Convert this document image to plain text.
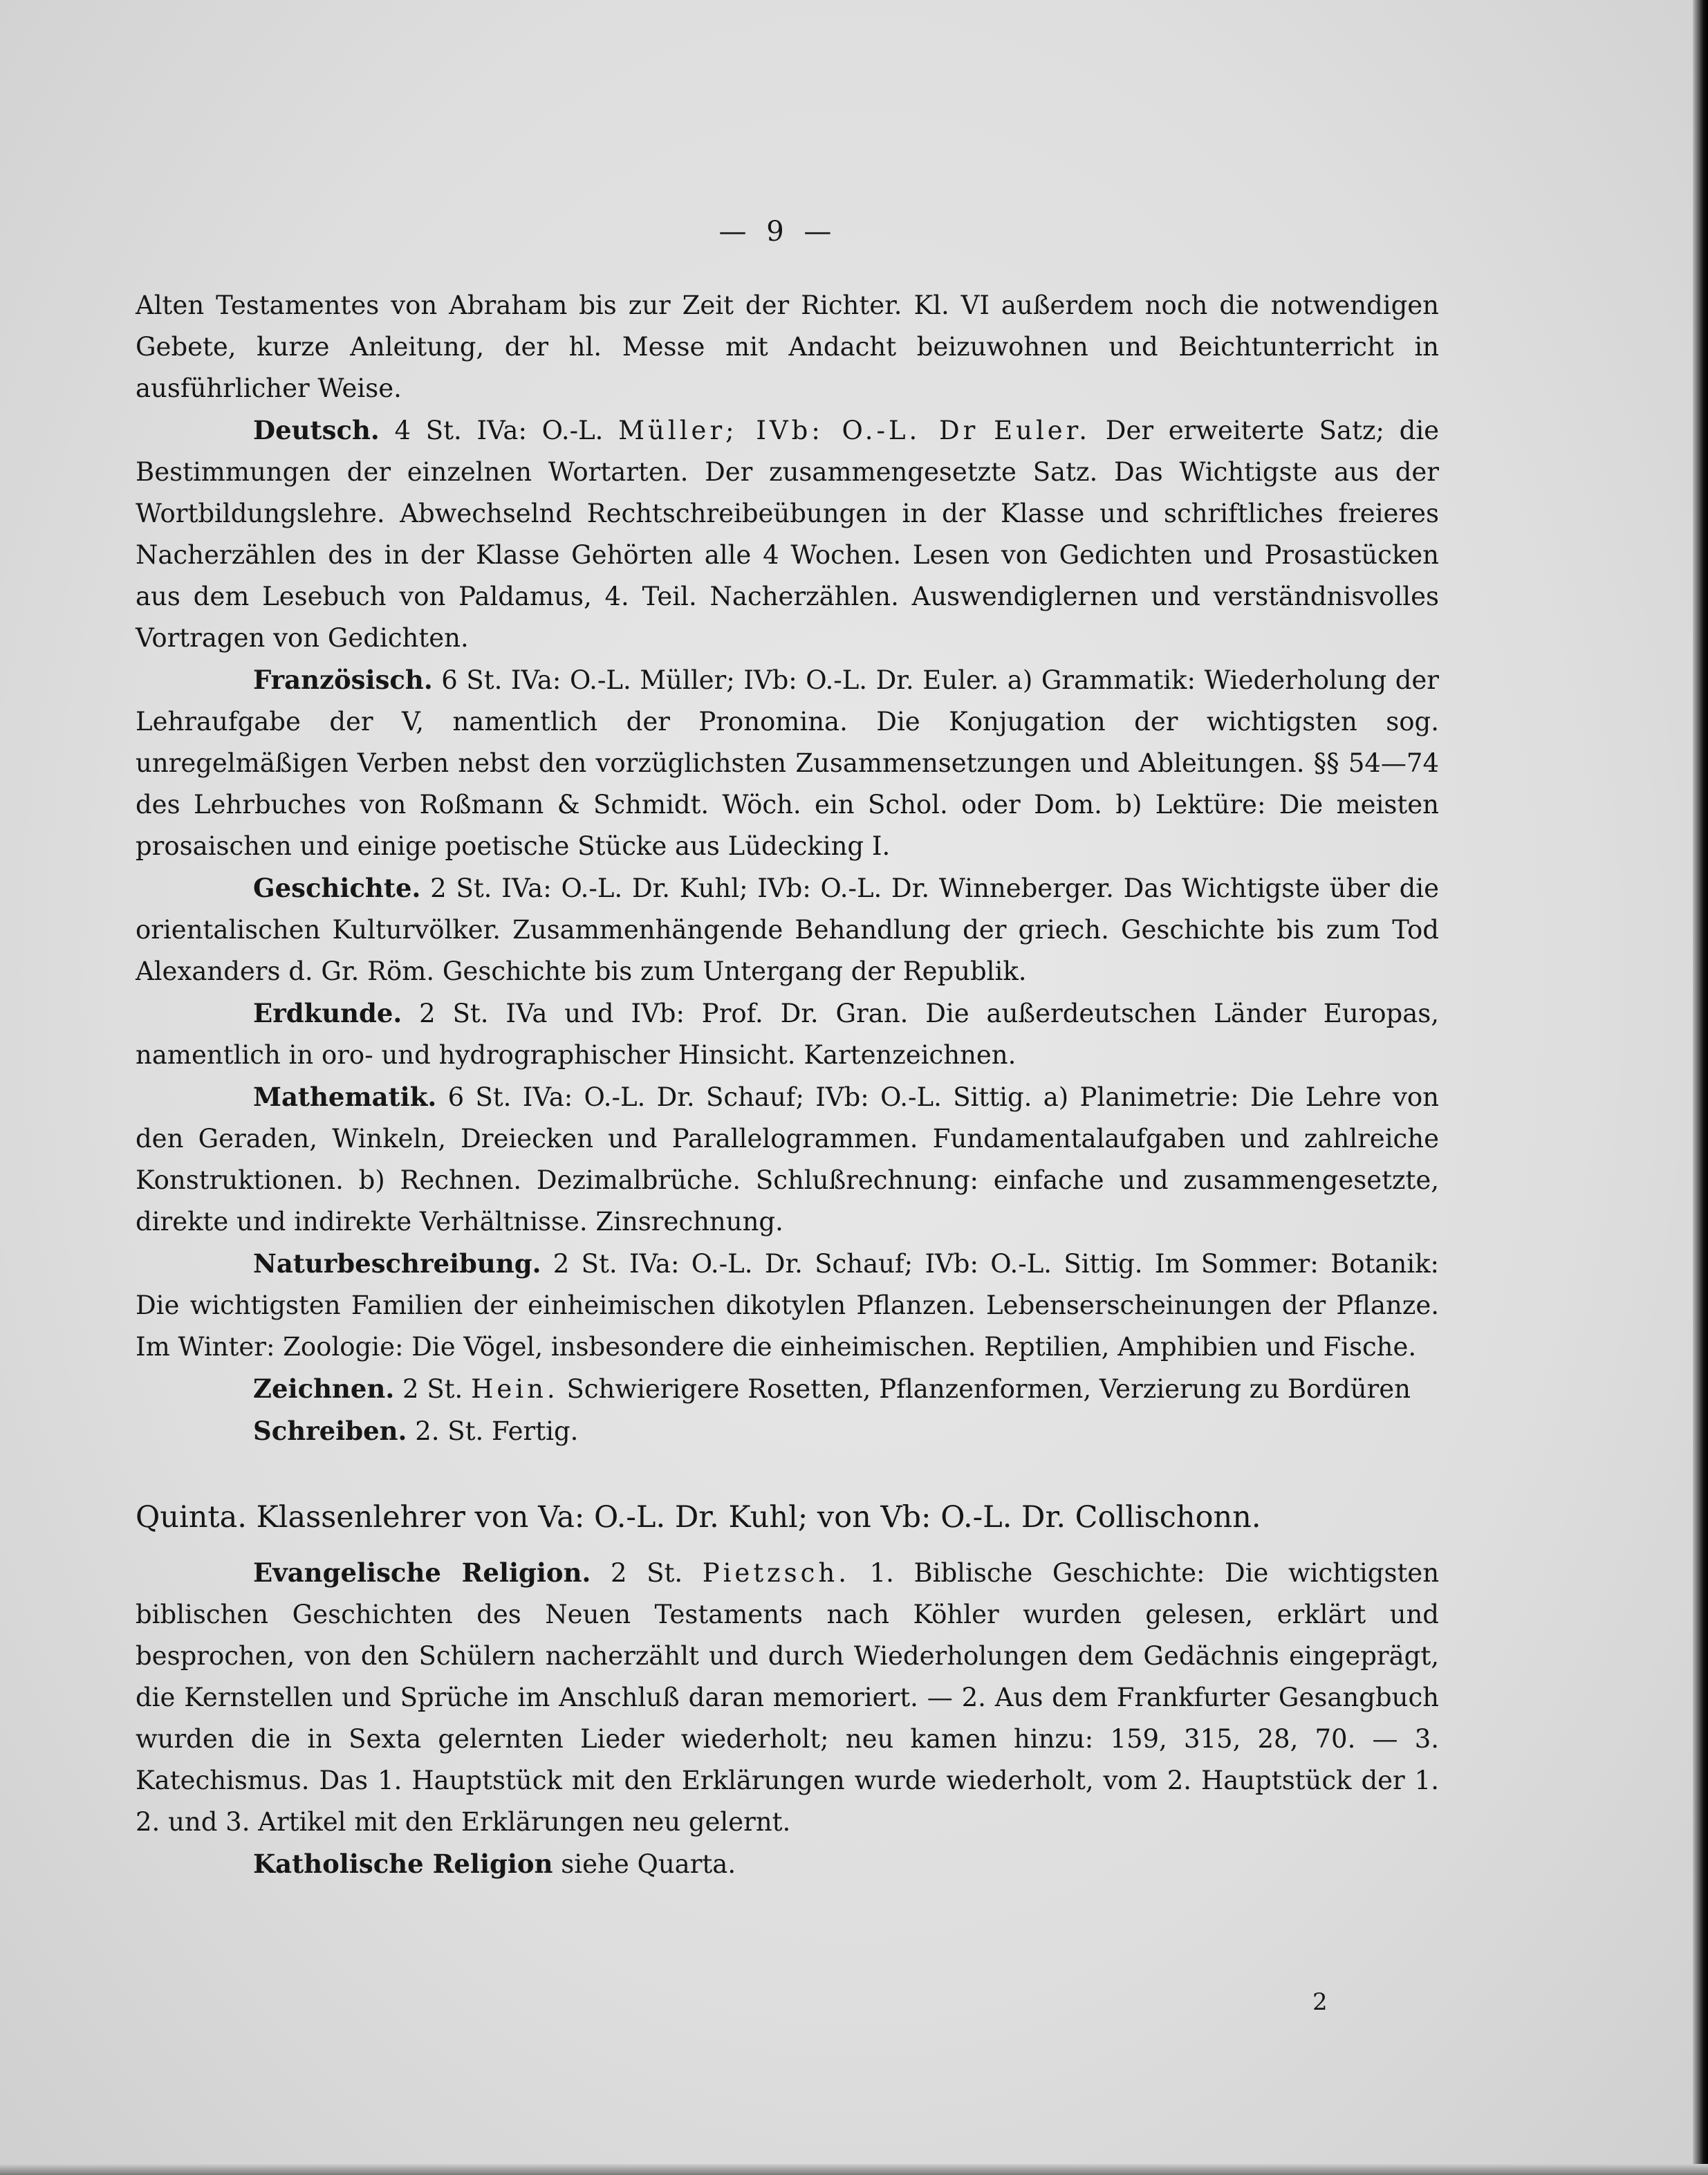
— 9 —

Alten Testamentes von Abraham bis zur Zeit der Richter. Kl. VI außerdem noch die notwendigen Gebete, kurze Anleitung, der hl. Messe mit Andacht beizuwohnen und Beichtunterricht in ausführlicher Weise.

Deutsch. 4 St. IVa: O.-L. Müller; IVb: O.-L. Dr Euler. Der erweiterte Satz; die Bestimmungen der einzelnen Wortarten. Der zusammengesetzte Satz. Das Wichtigste aus der Wortbildungslehre. Abwechselnd Rechtschreibeübungen in der Klasse und schriftliches freieres Nacherzählen des in der Klasse Gehörten alle 4 Wochen. Lesen von Gedichten und Prosastücken aus dem Lesebuch von Paldamus, 4. Teil. Nacherzählen. Auswendiglernen und verständnisvolles Vortragen von Gedichten.

Französisch. 6 St. IVa: O.-L. Müller; IVb: O.-L. Dr. Euler. a) Grammatik: Wiederholung der Lehraufgabe der V, namentlich der Pronomina. Die Konjugation der wichtigsten sog. unregelmäßigen Verben nebst den vorzüglichsten Zusammensetzungen und Ableitungen. §§ 54—74 des Lehrbuches von Roßmann & Schmidt. Wöch. ein Schol. oder Dom. b) Lektüre: Die meisten prosaischen und einige poetische Stücke aus Lüdecking I.

Geschichte. 2 St. IVa: O.-L. Dr. Kuhl; IVb: O.-L. Dr. Winneberger. Das Wichtigste über die orientalischen Kulturvölker. Zusammenhängende Behandlung der griech. Geschichte bis zum Tod Alexanders d. Gr. Röm. Geschichte bis zum Untergang der Republik.

Erdkunde. 2 St. IVa und IVb: Prof. Dr. Gran. Die außerdeutschen Länder Europas, namentlich in oro- und hydrographischer Hinsicht. Kartenzeichnen.

Mathematik. 6 St. IVa: O.-L. Dr. Schauf; IVb: O.-L. Sittig. a) Planimetrie: Die Lehre von den Geraden, Winkeln, Dreiecken und Parallelogrammen. Fundamentalaufgaben und zahlreiche Konstruktionen. b) Rechnen. Dezimalbrüche. Schlußrechnung: einfache und zusammengesetzte, direkte und indirekte Verhältnisse. Zinsrechnung.

Naturbeschreibung. 2 St. IVa: O.-L. Dr. Schauf; IVb: O.-L. Sittig. Im Sommer: Botanik: Die wichtigsten Familien der einheimischen dikotylen Pflanzen. Lebenserscheinungen der Pflanze. Im Winter: Zoologie: Die Vögel, insbesondere die einheimischen. Reptilien, Amphibien und Fische.

Zeichnen. 2 St. Hein. Schwierigere Rosetten, Pflanzenformen, Verzierung zu Bordüren

Schreiben. 2. St. Fertig.

Quinta. Klassenlehrer von Va: O.-L. Dr. Kuhl; von Vb: O.-L. Dr. Collischonn.

Evangelische Religion. 2 St. Pietzsch. 1. Biblische Geschichte: Die wichtigsten biblischen Geschichten des Neuen Testaments nach Köhler wurden gelesen, erklärt und besprochen, von den Schülern nacherzählt und durch Wiederholungen dem Gedächnis eingeprägt, die Kernstellen und Sprüche im Anschluß daran memoriert. — 2. Aus dem Frankfurter Gesangbuch wurden die in Sexta gelernten Lieder wiederholt; neu kamen hinzu: 159, 315, 28, 70. — 3. Katechismus. Das 1. Hauptstück mit den Erklärungen wurde wiederholt, vom 2. Hauptstück der 1. 2. und 3. Artikel mit den Erklärungen neu gelernt.

Katholische Religion siehe Quarta.

2
